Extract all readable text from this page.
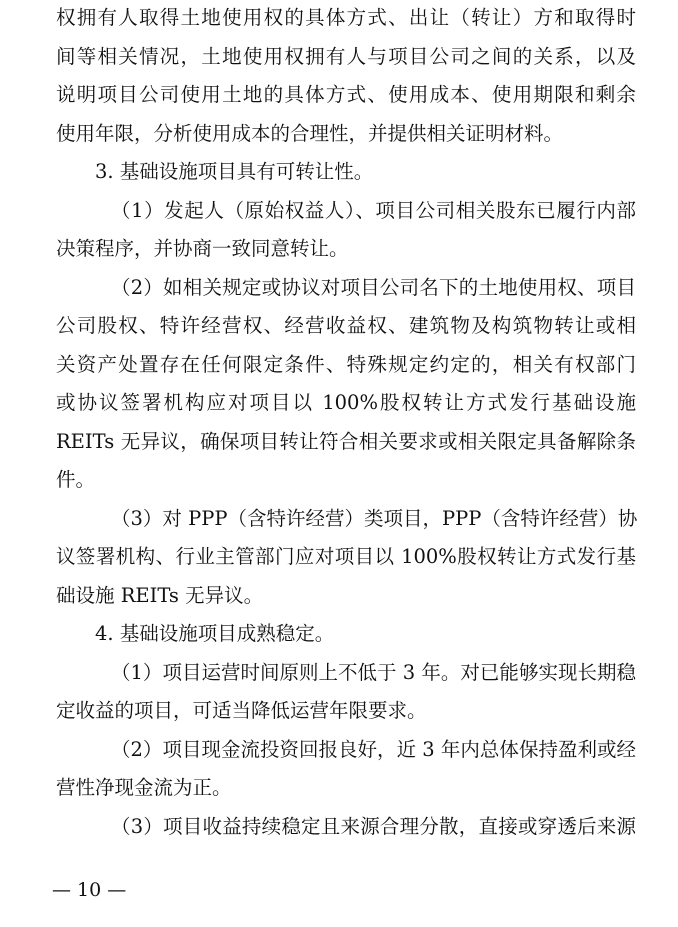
权拥有人取得土地使用权的具体方式、出让（转让）方和取得时
间等相关情况，土地使用权拥有人与项目公司之间的关系，以及
说明项目公司使用土地的具体方式、使用成本、使用期限和剩余
使用年限，分析使用成本的合理性，并提供相关证明材料。
3. 基础设施项目具有可转让性。
（1）发起人（原始权益人）、项目公司相关股东已履行内部
决策程序，并协商一致同意转让。
（2）如相关规定或协议对项目公司名下的土地使用权、项目
公司股权、特许经营权、经营收益权、建筑物及构筑物转让或相
关资产处置存在任何限定条件、特殊规定约定的，相关有权部门
或协议签署机构应对项目以 100%股权转让方式发行基础设施
REITs 无异议，确保项目转让符合相关要求或相关限定具备解除条
件。
（3）对 PPP（含特许经营）类项目，PPP（含特许经营）协
议签署机构、行业主管部门应对项目以 100%股权转让方式发行基
础设施 REITs 无异议。
4. 基础设施项目成熟稳定。
（1）项目运营时间原则上不低于 3 年。对已能够实现长期稳
定收益的项目，可适当降低运营年限要求。
（2）项目现金流投资回报良好，近 3 年内总体保持盈利或经
营性净现金流为正。
（3）项目收益持续稳定且来源合理分散，直接或穿透后来源
— 10 —
